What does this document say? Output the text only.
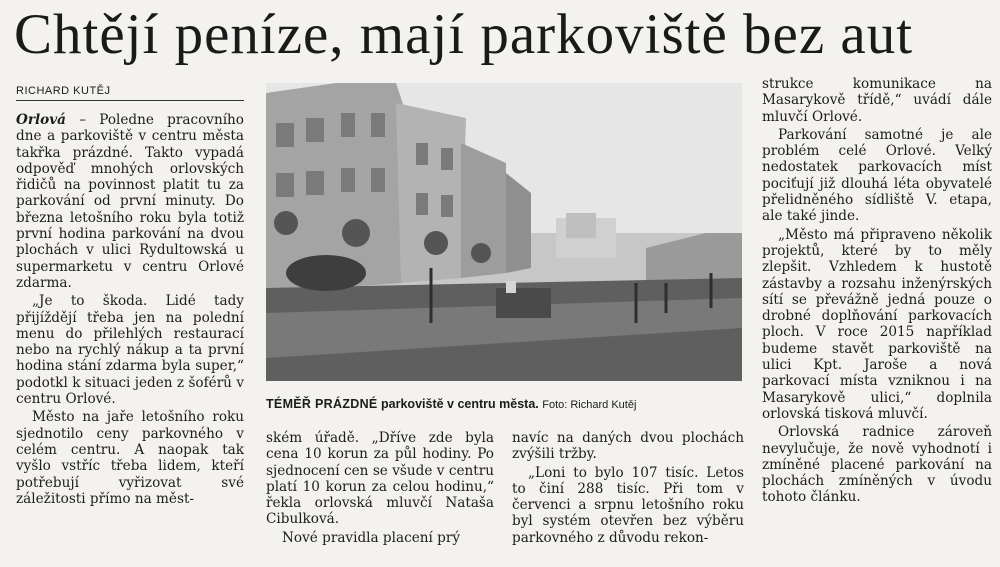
Chtějí peníze, mají parkoviště bez aut
RICHARD KUTĚJ

Orlová – Poledne pracovního dne a parkoviště v centru města takřka prázdné. Takto vypadá odpověď mnohých orlovských řidičů na povinnost platit tu za parkování od první minuty. Do března letošního roku byla totiž první hodina parkování na dvou plochách v ulici Rydultowská u supermarketu v centru Orlové zdarma.

„Je to škoda. Lidé tady přijíždějí třeba jen na polední menu do přilehlých restaurací nebo na rychlý nákup a ta první hodina stání zdarma byla super,“ podotkl k situaci jeden z šoférů v centru Orlové.

Město na jaře letošního roku sjednotilo ceny parkovného v celém centru. A naopak tak vyšlo vstříc třeba lidem, kteří potřebují vyřizovat své záležitosti přímo na měst-

TÉMĚŘ PRÁZDNÉ parkoviště v centru města. Foto: Richard Kutěj

ském úřadě. „Dříve zde byla cena 10 korun za půl hodiny. Po sjednocení cen se všude v centru platí 10 korun za celou hodinu,“ řekla orlovská mluvčí Nataša Cibulková.

Nové pravidla placení prý

navíc na daných dvou plochách zvýšili tržby.

„Loni to bylo 107 tisíc. Letos to činí 288 tisíc. Při tom v červenci a srpnu letošního roku byl systém otevřen bez výběru parkovného z důvodu rekon-

strukce komunikace na Masarykově třídě,“ uvádí dále mluvčí Orlové.

Parkování samotné je ale problém celé Orlové. Velký nedostatek parkovacích míst pociťují již dlouhá léta obyvatelé přelidněného sídliště V. etapa, ale také jinde.

„Město má připraveno několik projektů, které by to měly zlepšit. Vzhledem k hustotě zástavby a rozsahu inženýrských sítí se převážně jedná pouze o drobné doplňování parkovacích ploch. V roce 2015 například budeme stavět parkoviště na ulici Kpt. Jaroše a nová parkovací místa vzniknou i na Masarykově ulici,“ doplnila orlovská tisková mluvčí.

Orlovská radnice zároveň nevylučuje, že nově vyhodnotí i zmíněné placené parkování na plochách zmíněných v úvodu tohoto článku.
